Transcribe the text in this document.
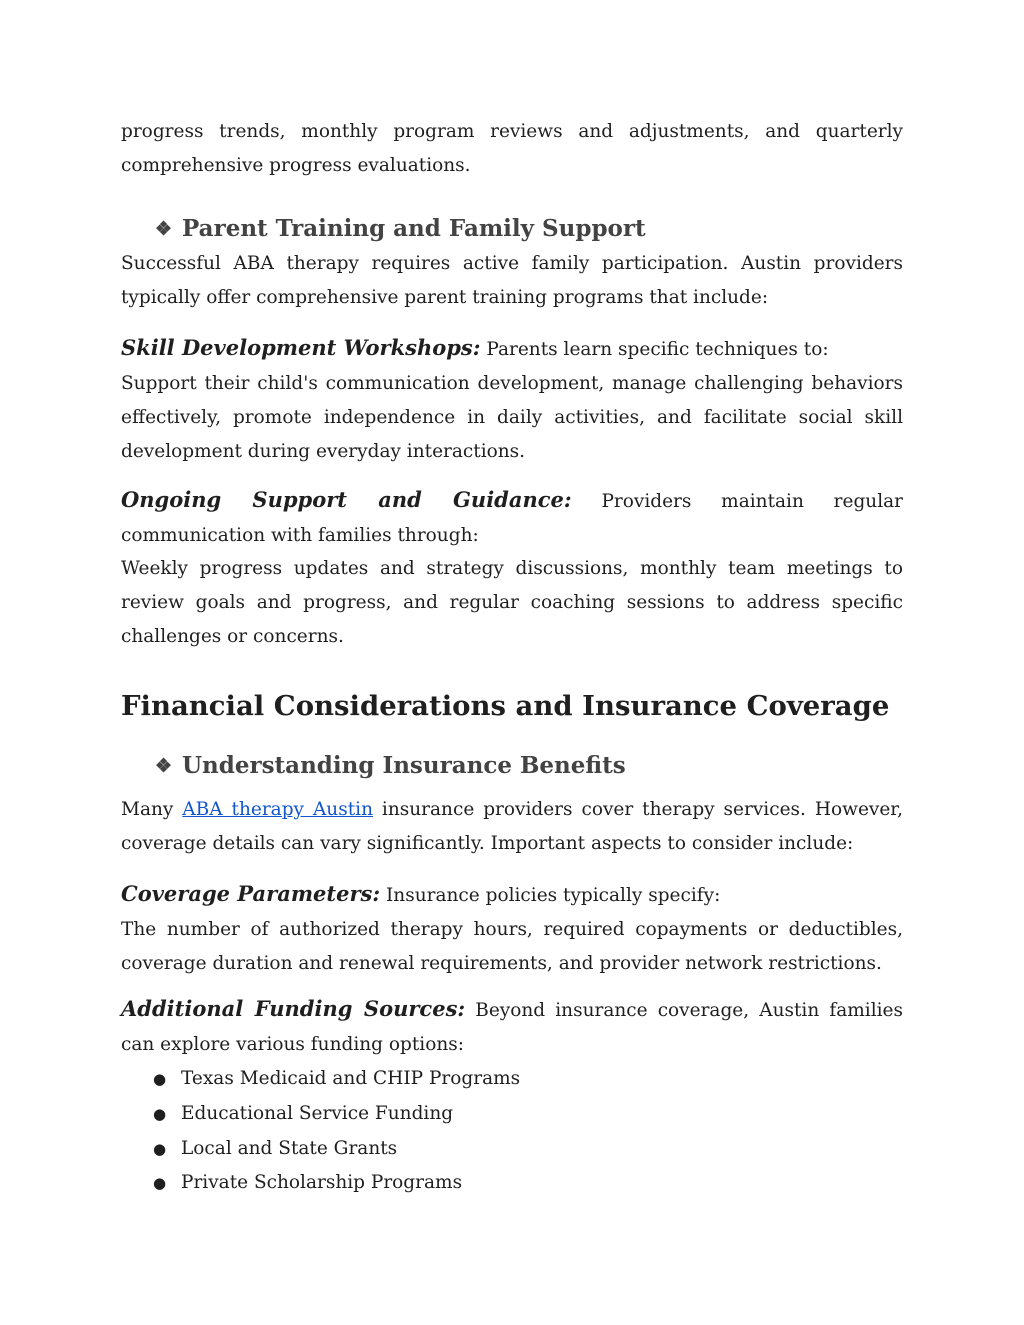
progress trends, monthly program reviews and adjustments, and quarterly comprehensive progress evaluations.

❖ Parent Training and Family Support

Successful ABA therapy requires active family participation. Austin providers typically offer comprehensive parent training programs that include:

Skill Development Workshops: Parents learn specific techniques to:

Support their child's communication development, manage challenging behaviors effectively, promote independence in daily activities, and facilitate social skill development during everyday interactions.

Ongoing Support and Guidance: Providers maintain regular communication with families through:

Weekly progress updates and strategy discussions, monthly team meetings to review goals and progress, and regular coaching sessions to address specific challenges or concerns.

Financial Considerations and Insurance Coverage
❖ Understanding Insurance Benefits

Many ABA therapy Austin insurance providers cover therapy services. However, coverage details can vary significantly. Important aspects to consider include:

Coverage Parameters: Insurance policies typically specify:

The number of authorized therapy hours, required copayments or deductibles, coverage duration and renewal requirements, and provider network restrictions.

Additional Funding Sources: Beyond insurance coverage, Austin families can explore various funding options:

● Texas Medicaid and CHIP Programs
● Educational Service Funding
● Local and State Grants
● Private Scholarship Programs
